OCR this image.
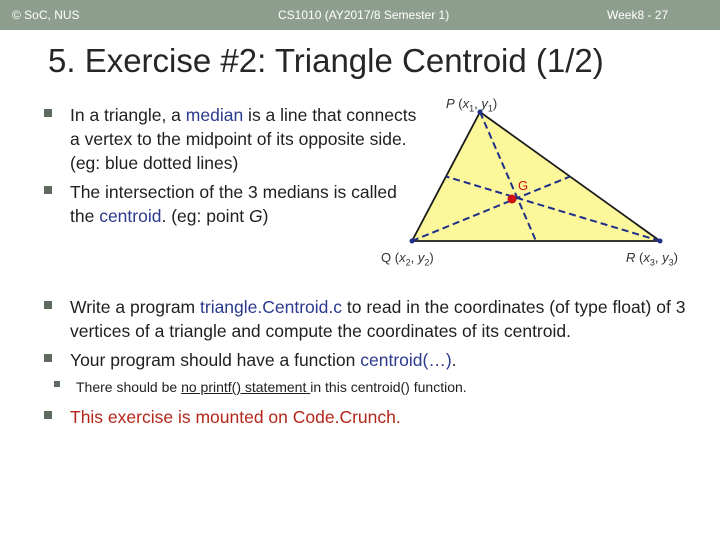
© SoC, NUS	CS1010 (AY2017/8 Semester 1)	Week8 - 27
5. Exercise #2: Triangle Centroid (1/2)
In a triangle, a median is a line that connects a vertex to the midpoint of its opposite side. (eg: blue dotted lines)
The intersection of the 3 medians is called the centroid. (eg: point G)
G
P ($x_1$, $y_1$)
Q ($x_2$, $y_2$)	R ($x_3$, $y_3$)
Write a program triangle.Centroid.c to read in the coordinates (of type float) of 3 vertices of a triangle and compute the coordinates of its centroid.
Your program should have a function centroid(…).
There should be no printf() statement in this centroid() function.
This exercise is mounted on Code.Crunch.
